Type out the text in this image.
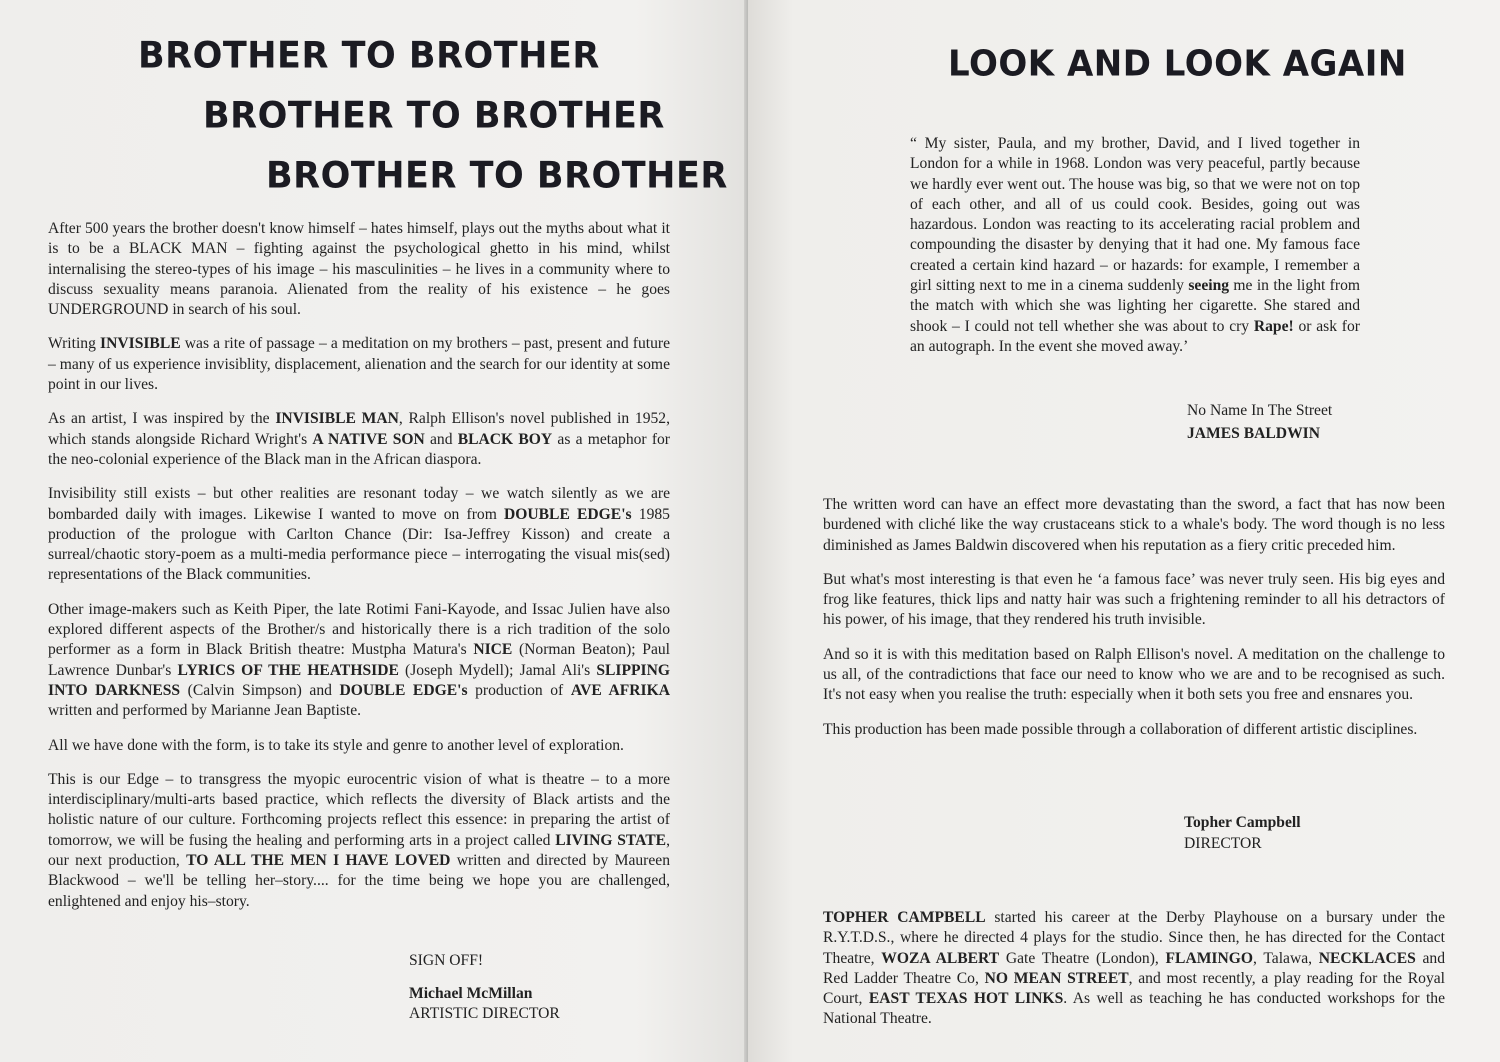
BROTHER TO BROTHER
BROTHER TO BROTHER
BROTHER TO BROTHER

After 500 years the brother doesn't know himself – hates himself, plays out the myths about what it is to be a BLACK MAN – fighting against the psychological ghetto in his mind, whilst internalising the stereo-types of his image – his masculinities – he lives in a community where to discuss sexuality means paranoia. Alienated from the reality of his existence – he goes UNDERGROUND in search of his soul.

Writing INVISIBLE was a rite of passage – a meditation on my brothers – past, present and future – many of us experience invisiblity, displacement, alienation and the search for our identity at some point in our lives.

As an artist, I was inspired by the INVISIBLE MAN, Ralph Ellison's novel published in 1952, which stands alongside Richard Wright's A NATIVE SON and BLACK BOY as a metaphor for the neo-colonial experience of the Black man in the African diaspora.

Invisibility still exists – but other realities are resonant today – we watch silently as we are bombarded daily with images. Likewise I wanted to move on from DOUBLE EDGE's 1985 production of the prologue with Carlton Chance (Dir: Isa-Jeffrey Kisson) and create a surreal/chaotic story-poem as a multi-media performance piece – interrogating the visual mis(sed) representations of the Black communities.

Other image-makers such as Keith Piper, the late Rotimi Fani-Kayode, and Issac Julien have also explored different aspects of the Brother/s and historically there is a rich tradition of the solo performer as a form in Black British theatre: Mustpha Matura's NICE (Norman Beaton); Paul Lawrence Dunbar's LYRICS OF THE HEATHSIDE (Joseph Mydell); Jamal Ali's SLIPPING INTO DARKNESS (Calvin Simpson) and DOUBLE EDGE's production of AVE AFRIKA written and performed by Marianne Jean Baptiste.

All we have done with the form, is to take its style and genre to another level of exploration.

This is our Edge – to transgress the myopic eurocentric vision of what is theatre – to a more interdisciplinary/multi-arts based practice, which reflects the diversity of Black artists and the holistic nature of our culture. Forthcoming projects reflect this essence: in preparing the artist of tomorrow, we will be fusing the healing and performing arts in a project called LIVING STATE, our next production, TO ALL THE MEN I HAVE LOVED written and directed by Maureen Blackwood – we'll be telling her–story.... for the time being we hope you are challenged, enlightened and enjoy his–story.

SIGN OFF!
Michael McMillan
ARTISTIC DIRECTOR
LOOK AND LOOK AGAIN

“ My sister, Paula, and my brother, David, and I lived together in London for a while in 1968. London was very peaceful, partly because we hardly ever went out. The house was big, so that we were not on top of each other, and all of us could cook. Besides, going out was hazardous. London was reacting to its accelerating racial problem and compounding the disaster by denying that it had one. My famous face created a certain kind hazard – or hazards: for example, I remember a girl sitting next to me in a cinema suddenly seeing me in the light from the match with which she was lighting her cigarette. She stared and shook – I could not tell whether she was about to cry Rape! or ask for an autograph. In the event she moved away.’

No Name In The Street
JAMES BALDWIN

The written word can have an effect more devastating than the sword, a fact that has now been burdened with cliché like the way crustaceans stick to a whale's body. The word though is no less diminished as James Baldwin discovered when his reputation as a fiery critic preceded him.

But what's most interesting is that even he ‘a famous face’ was never truly seen. His big eyes and frog like features, thick lips and natty hair was such a frightening reminder to all his detractors of his power, of his image, that they rendered his truth invisible.

And so it is with this meditation based on Ralph Ellison's novel. A meditation on the challenge to us all, of the contradictions that face our need to know who we are and to be recognised as such. It's not easy when you realise the truth: especially when it both sets you free and ensnares you.

This production has been made possible through a collaboration of different artistic disciplines.

Topher Campbell
DIRECTOR

TOPHER CAMPBELL started his career at the Derby Playhouse on a bursary under the R.Y.T.D.S., where he directed 4 plays for the studio. Since then, he has directed for the Contact Theatre, WOZA ALBERT Gate Theatre (London), FLAMINGO, Talawa, NECKLACES and Red Ladder Theatre Co, NO MEAN STREET, and most recently, a play reading for the Royal Court, EAST TEXAS HOT LINKS. As well as teaching he has conducted workshops for the National Theatre.
